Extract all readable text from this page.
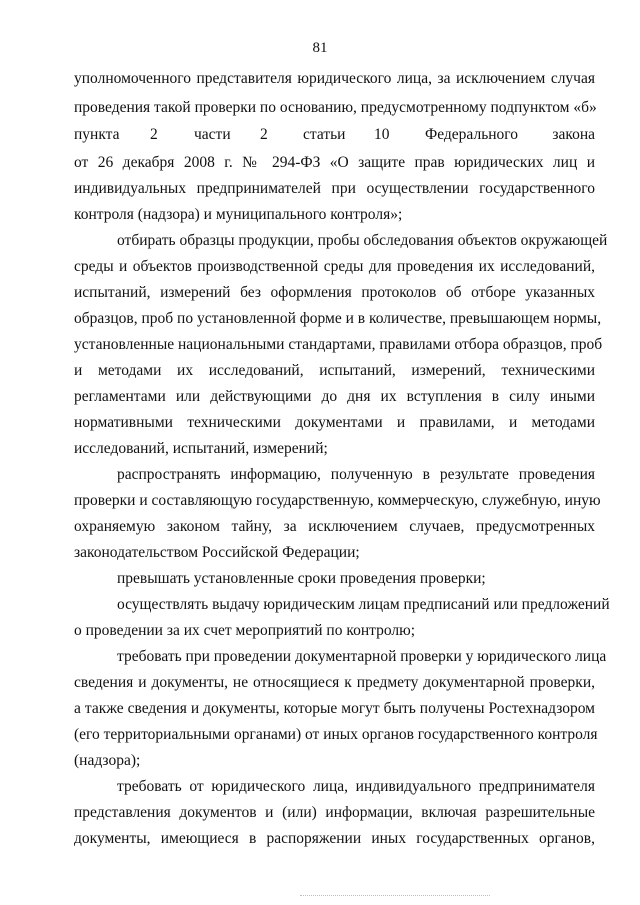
81
уполномоченного представителя юридического лица, за исключением случая
проведения такой проверки по основанию, предусмотренному подпунктом «б»
пункта 2 части 2 статьи 10 Федерального закона
от 26 декабря 2008 г. № 294-ФЗ «О защите прав юридических лиц и
индивидуальных предпринимателей при осуществлении государственного
контроля (надзора) и муниципального контроля»;
отбирать образцы продукции, пробы обследования объектов окружающей
среды и объектов производственной среды для проведения их исследований,
испытаний, измерений без оформления протоколов об отборе указанных
образцов, проб по установленной форме и в количестве, превышающем нормы,
установленные национальными стандартами, правилами отбора образцов, проб
и методами их исследований, испытаний, измерений, техническими
регламентами или действующими до дня их вступления в силу иными
нормативными техническими документами и правилами, и методами
исследований, испытаний, измерений;
распространять информацию, полученную в результате проведения
проверки и составляющую государственную, коммерческую, служебную, иную
охраняемую законом тайну, за исключением случаев, предусмотренных
законодательством Российской Федерации;
превышать установленные сроки проведения проверки;
осуществлять выдачу юридическим лицам предписаний или предложений
о проведении за их счет мероприятий по контролю;
требовать при проведении документарной проверки у юридического лица
сведения и документы, не относящиеся к предмету документарной проверки,
а также сведения и документы, которые могут быть получены Ростехнадзором
(его территориальными органами) от иных органов государственного контроля
(надзора);
требовать от юридического лица, индивидуального предпринимателя
представления документов и (или) информации, включая разрешительные
документы, имеющиеся в распоряжении иных государственных органов,
